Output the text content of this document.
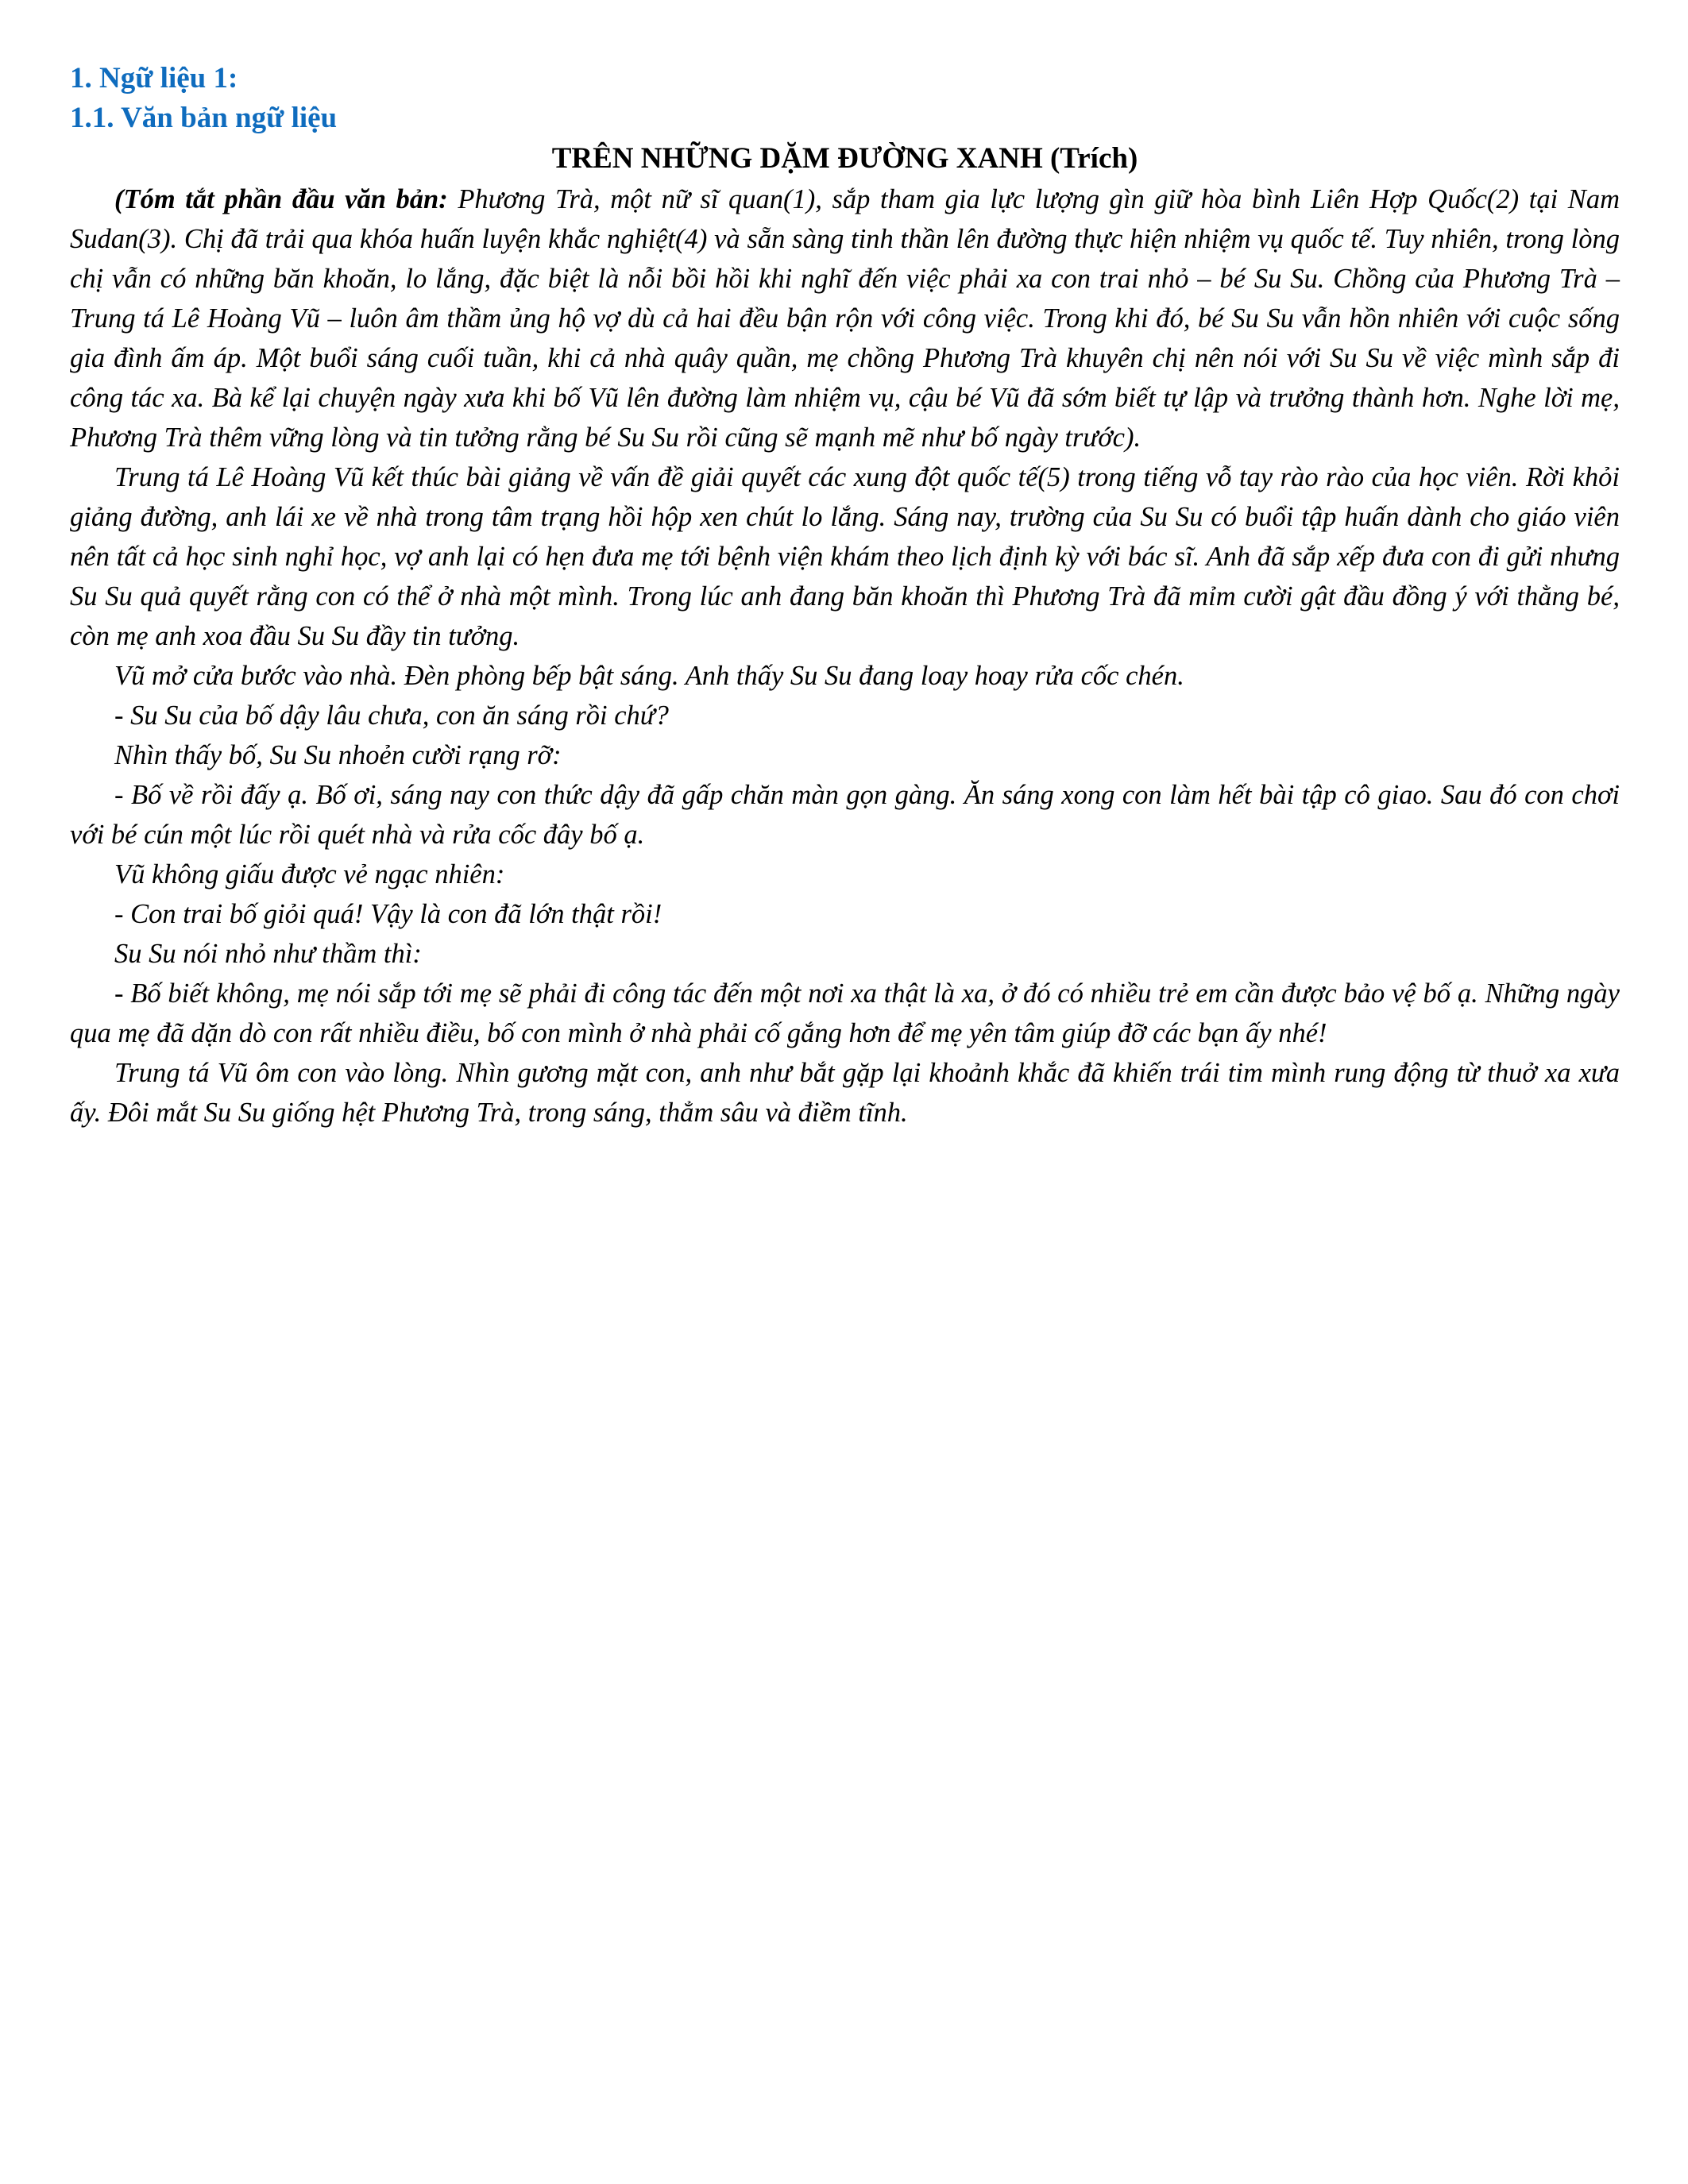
1. Ngữ liệu 1:
1.1. Văn bản ngữ liệu

TRÊN NHỮNG DẶM ĐƯỜNG XANH (Trích)

(Tóm tắt phần đầu văn bản: Phương Trà, một nữ sĩ quan(1), sắp tham gia lực lượng gìn giữ hòa bình Liên Hợp Quốc(2) tại Nam Sudan(3). Chị đã trải qua khóa huấn luyện khắc nghiệt(4) và sẵn sàng tinh thần lên đường thực hiện nhiệm vụ quốc tế. Tuy nhiên, trong lòng chị vẫn có những băn khoăn, lo lắng, đặc biệt là nỗi bồi hồi khi nghĩ đến việc phải xa con trai nhỏ – bé Su Su. Chồng của Phương Trà – Trung tá Lê Hoàng Vũ – luôn âm thầm ủng hộ vợ dù cả hai đều bận rộn với công việc. Trong khi đó, bé Su Su vẫn hồn nhiên với cuộc sống gia đình ấm áp. Một buổi sáng cuối tuần, khi cả nhà quây quần, mẹ chồng Phương Trà khuyên chị nên nói với Su Su về việc mình sắp đi công tác xa. Bà kể lại chuyện ngày xưa khi bố Vũ lên đường làm nhiệm vụ, cậu bé Vũ đã sớm biết tự lập và trưởng thành hơn. Nghe lời mẹ, Phương Trà thêm vững lòng và tin tưởng rằng bé Su Su rồi cũng sẽ mạnh mẽ như bố ngày trước).

Trung tá Lê Hoàng Vũ kết thúc bài giảng về vấn đề giải quyết các xung đột quốc tế(5) trong tiếng vỗ tay rào rào của học viên. Rời khỏi giảng đường, anh lái xe về nhà trong tâm trạng hồi hộp xen chút lo lắng. Sáng nay, trường của Su Su có buổi tập huấn dành cho giáo viên nên tất cả học sinh nghỉ học, vợ anh lại có hẹn đưa mẹ tới bệnh viện khám theo lịch định kỳ với bác sĩ. Anh đã sắp xếp đưa con đi gửi nhưng Su Su quả quyết rằng con có thể ở nhà một mình. Trong lúc anh đang băn khoăn thì Phương Trà đã mỉm cười gật đầu đồng ý với thằng bé, còn mẹ anh xoa đầu Su Su đầy tin tưởng.

Vũ mở cửa bước vào nhà. Đèn phòng bếp bật sáng. Anh thấy Su Su đang loay hoay rửa cốc chén.

- Su Su của bố dậy lâu chưa, con ăn sáng rồi chứ?

Nhìn thấy bố, Su Su nhoẻn cười rạng rỡ:

- Bố về rồi đấy ạ. Bố ơi, sáng nay con thức dậy đã gấp chăn màn gọn gàng. Ăn sáng xong con làm hết bài tập cô giao. Sau đó con chơi với bé cún một lúc rồi quét nhà và rửa cốc đây bố ạ.

Vũ không giấu được vẻ ngạc nhiên:

- Con trai bố giỏi quá! Vậy là con đã lớn thật rồi!

Su Su nói nhỏ như thầm thì:

- Bố biết không, mẹ nói sắp tới mẹ sẽ phải đi công tác đến một nơi xa thật là xa, ở đó có nhiều trẻ em cần được bảo vệ bố ạ. Những ngày qua mẹ đã dặn dò con rất nhiều điều, bố con mình ở nhà phải cố gắng hơn để mẹ yên tâm giúp đỡ các bạn ấy nhé!

Trung tá Vũ ôm con vào lòng. Nhìn gương mặt con, anh như bắt gặp lại khoảnh khắc đã khiến trái tim mình rung động từ thuở xa xưa ấy. Đôi mắt Su Su giống hệt Phương Trà, trong sáng, thẳm sâu và điềm tĩnh.
